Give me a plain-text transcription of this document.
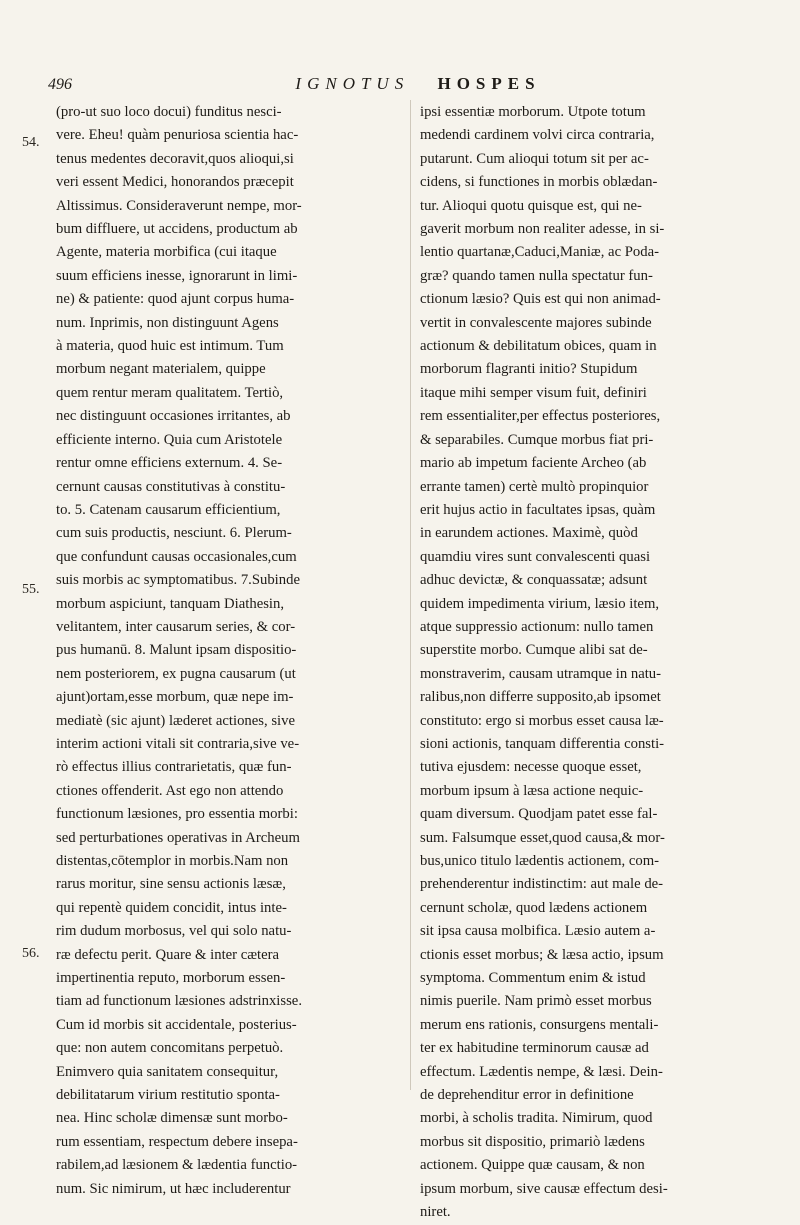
496	IGNOTUS HOSPES
54.
55.
56.
(pro-ut suo loco docui) funditus nesci-
vere. Eheu! quàm penuriosa scientia hac-
tenus medentes decoravit,quos alioqui,si
veri essent Medici, honorandos præcepit
Altissimus. Consideraverunt nempe, mor-
bum diffluere, ut accidens, productum ab
Agente, materia morbifica (cui itaque
suum efficiens inesse, ignorarunt in limi-
ne) & patiente: quod ajunt corpus huma-
num. Inprimis, non distinguunt Agens
à materia, quod huic est intimum. Tum
morbum negant materialem, quippe
quem rentur meram qualitatem. Tertiò,
nec distinguunt occasiones irritantes, ab
efficiente interno. Quia cum Aristotele
rentur omne efficiens externum. 4. Se-
cernunt causas constitutivas à constitu-
to. 5. Catenam causarum efficientium,
cum suis productis, nesciunt. 6. Plerum-
que confundunt causas occasionales,cum
suis morbis ac symptomatibus. 7.Subinde
morbum aspiciunt, tanquam Diathesin,
velitantem, inter causarum series, & cor-
pus humanū. 8. Malunt ipsam dispositio-
nem posteriorem, ex pugna causarum (ut
ajunt)ortam,esse morbum, quæ nepe im-
mediatè (sic ajunt) læderet actiones, sive
interim actioni vitali sit contraria,sive ve-
rò effectus illius contrarietatis, quæ fun-
ctiones offenderit. Ast ego non attendo
functionum læsiones, pro essentia morbi:
sed perturbationes operativas in Archeum
distentas,cōtemplor in morbis.Nam non
rarus moritur, sine sensu actionis læsæ,
qui repentè quidem concidit, intus inte-
rim dudum morbosus, vel qui solo natu-
ræ defectu perit. Quare & inter cætera
impertinentia reputo, morborum essen-
tiam ad functionum læsiones adstrinxisse.
Cum id morbis sit accidentale, posterius-
que: non autem concomitans perpetuò.
Enimvero quia sanitatem consequitur,
debilitatarum virium restitutio sponta-
nea. Hinc scholæ dimensæ sunt morbo-
rum essentiam, respectum debere insepa-
rabilem,ad læsionem & lædentia functio-
num. Sic nimirum, ut hæc includerentur
ipsi essentiæ morborum. Utpote totum
medendi cardinem volvi circa contraria,
putarunt. Cum alioqui totum sit per ac-
cidens, si functiones in morbis oblædan-
tur. Alioqui quotu quisque est, qui ne-
gaverit morbum non realiter adesse, in si-
lentio quartanæ,Caduci,Maniæ, ac Poda-
græ? quando tamen nulla spectatur fun-
ctionum læsio? Quis est qui non animad-
vertit in convalescente majores subinde
actionum & debilitatum obices, quam in
morborum flagranti initio? Stupidum
itaque mihi semper visum fuit, definiri
rem essentialiter,per effectus posteriores,
& separabiles. Cumque morbus fiat pri-
mario ab impetum faciente Archeo (ab
errante tamen) certè multò propinquior
erit hujus actio in facultates ipsas, quàm
in earundem actiones. Maximè, quòd
quamdiu vires sunt convalescenti quasi
adhuc devictæ, & conquassatæ; adsunt
quidem impedimenta virium, læsio item,
atque suppressio actionum: nullo tamen
superstite morbo. Cumque alibi sat de-
monstraverim, causam utramque in natu-
ralibus,non differre supposito,ab ipsomet
constituto: ergo si morbus esset causa læ-
sioni actionis, tanquam differentia consti-
tutiva ejusdem: necesse quoque esset,
morbum ipsum à læsa actione nequic-
quam diversum. Quodjam patet esse fal-
sum. Falsumque esset,quod causa,& mor-
bus,unico titulo lædentis actionem, com-
prehenderentur indistinctim: aut male de-
cernunt scholæ, quod lædens actionem
sit ipsa causa molbifica. Læsio autem a-
ctionis esset morbus; & læsa actio, ipsum
symptoma. Commentum enim & istud
nimis puerile. Nam primò esset morbus
merum ens rationis, consurgens mentali-
ter ex habitudine terminorum causæ ad
effectum. Lædentis nempe, & læsi. Dein-
de deprehenditur error in definitione
morbi, à scholis tradita. Nimirum, quod
morbus sit dispositio, primariò lædens
actionem. Quippe quæ causam, & non
ipsum morbum, sive causæ effectum desi-
niret.
